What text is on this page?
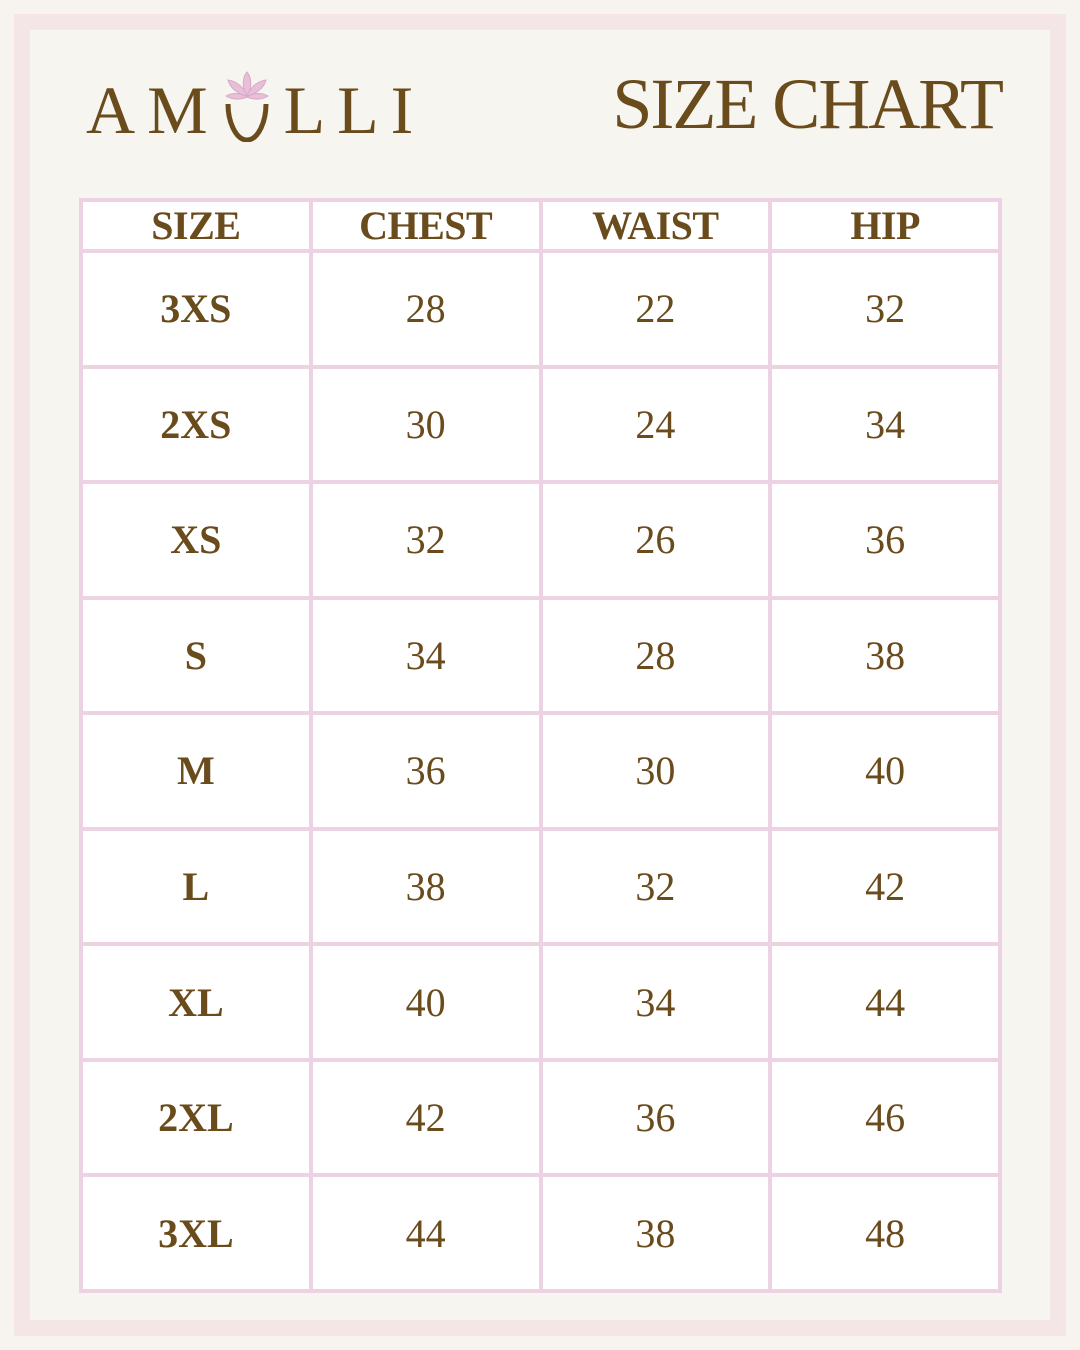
AM LLI	SIZE CHART
SIZE	CHEST	WAIST	HIP
3XS	28	22	32
2XS	30	24	34
XS	32	26	36
S	34	28	38
M	36	30	40
L	38	32	42
XL	40	34	44
2XL	42	36	46
3XL	44	38	48
